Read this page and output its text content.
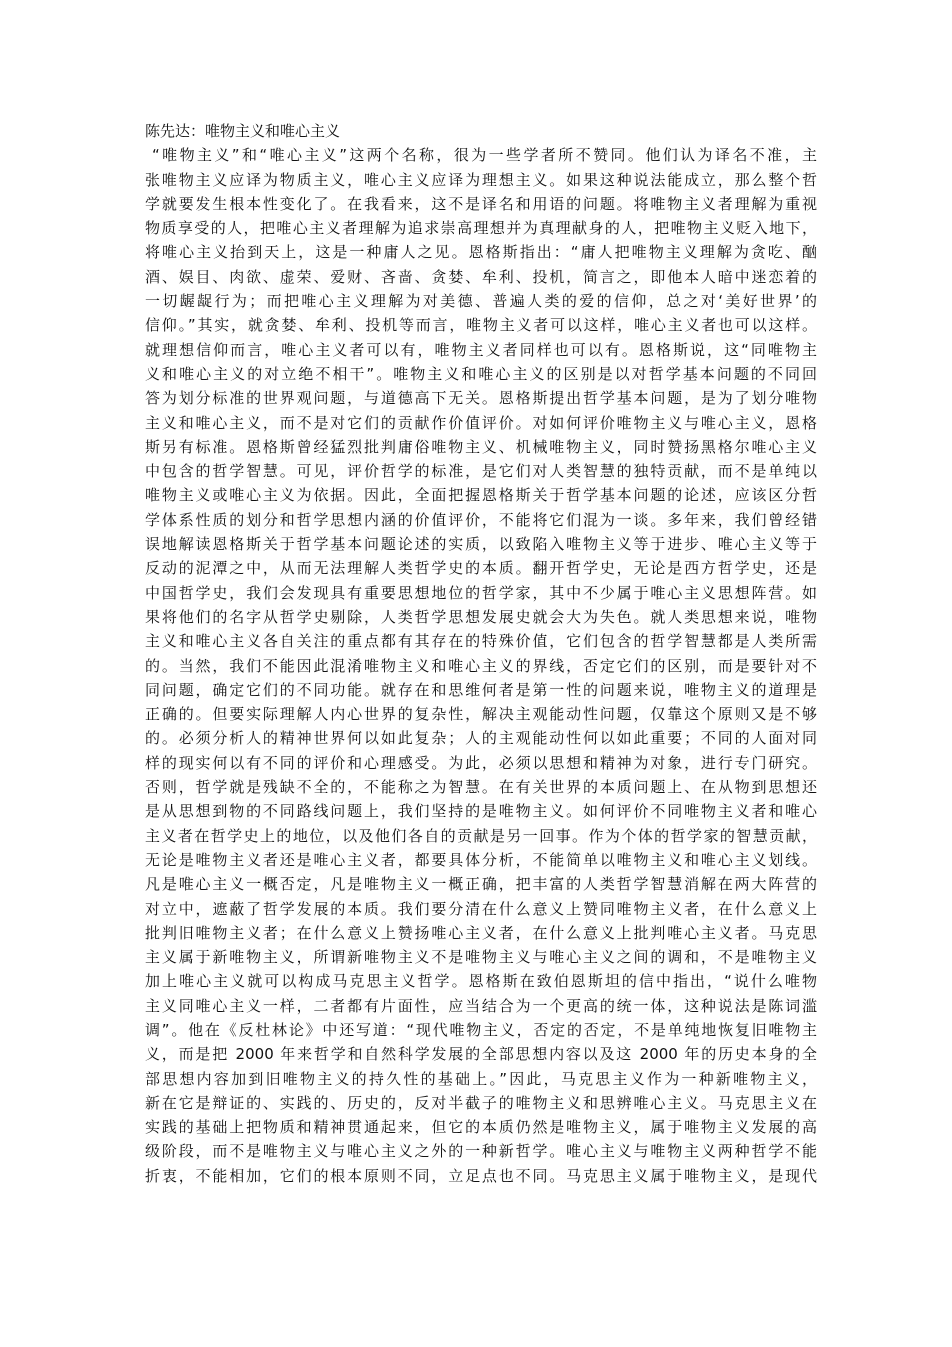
陈先达：唯物主义和唯心主义
“唯物主义”和“唯心主义”这两个名称，很为一些学者所不赞同。他们认为译名不准，主
张唯物主义应译为物质主义，唯心主义应译为理想主义。如果这种说法能成立，那么整个哲
学就要发生根本性变化了。在我看来，这不是译名和用语的问题。将唯物主义者理解为重视
物质享受的人，把唯心主义者理解为追求崇高理想并为真理献身的人，把唯物主义贬入地下，
将唯心主义抬到天上，这是一种庸人之见。恩格斯指出：“庸人把唯物主义理解为贪吃、酗
酒、娱目、肉欲、虚荣、爱财、吝啬、贪婪、牟利、投机，简言之，即他本人暗中迷恋着的
一切龌龊行为；而把唯心主义理解为对美德、普遍人类的爱的信仰，总之对‘美好世界’的
信仰。”其实，就贪婪、牟利、投机等而言，唯物主义者可以这样，唯心主义者也可以这样。
就理想信仰而言，唯心主义者可以有，唯物主义者同样也可以有。恩格斯说，这“同唯物主
义和唯心主义的对立绝不相干”。唯物主义和唯心主义的区别是以对哲学基本问题的不同回
答为划分标准的世界观问题，与道德高下无关。恩格斯提出哲学基本问题，是为了划分唯物
主义和唯心主义，而不是对它们的贡献作价值评价。对如何评价唯物主义与唯心主义，恩格
斯另有标准。恩格斯曾经猛烈批判庸俗唯物主义、机械唯物主义，同时赞扬黑格尔唯心主义
中包含的哲学智慧。可见，评价哲学的标准，是它们对人类智慧的独特贡献，而不是单纯以
唯物主义或唯心主义为依据。因此，全面把握恩格斯关于哲学基本问题的论述，应该区分哲
学体系性质的划分和哲学思想内涵的价值评价，不能将它们混为一谈。多年来，我们曾经错
误地解读恩格斯关于哲学基本问题论述的实质，以致陷入唯物主义等于进步、唯心主义等于
反动的泥潭之中，从而无法理解人类哲学史的本质。翻开哲学史，无论是西方哲学史，还是
中国哲学史，我们会发现具有重要思想地位的哲学家，其中不少属于唯心主义思想阵营。如
果将他们的名字从哲学史剔除，人类哲学思想发展史就会大为失色。就人类思想来说，唯物
主义和唯心主义各自关注的重点都有其存在的特殊价值，它们包含的哲学智慧都是人类所需
的。当然，我们不能因此混淆唯物主义和唯心主义的界线，否定它们的区别，而是要针对不
同问题，确定它们的不同功能。就存在和思维何者是第一性的问题来说，唯物主义的道理是
正确的。但要实际理解人内心世界的复杂性，解决主观能动性问题，仅靠这个原则又是不够
的。必须分析人的精神世界何以如此复杂；人的主观能动性何以如此重要；不同的人面对同
样的现实何以有不同的评价和心理感受。为此，必须以思想和精神为对象，进行专门研究。
否则，哲学就是残缺不全的，不能称之为智慧。在有关世界的本质问题上、在从物到思想还
是从思想到物的不同路线问题上，我们坚持的是唯物主义。如何评价不同唯物主义者和唯心
主义者在哲学史上的地位，以及他们各自的贡献是另一回事。作为个体的哲学家的智慧贡献，
无论是唯物主义者还是唯心主义者，都要具体分析，不能简单以唯物主义和唯心主义划线。
凡是唯心主义一概否定，凡是唯物主义一概正确，把丰富的人类哲学智慧消解在两大阵营的
对立中，遮蔽了哲学发展的本质。我们要分清在什么意义上赞同唯物主义者，在什么意义上
批判旧唯物主义者；在什么意义上赞扬唯心主义者，在什么意义上批判唯心主义者。马克思
主义属于新唯物主义，所谓新唯物主义不是唯物主义与唯心主义之间的调和，不是唯物主义
加上唯心主义就可以构成马克思主义哲学。恩格斯在致伯恩斯坦的信中指出，“说什么唯物
主义同唯心主义一样，二者都有片面性，应当结合为一个更高的统一体，这种说法是陈词滥
调”。他在《反杜林论》中还写道：“现代唯物主义，否定的否定，不是单纯地恢复旧唯物主
义，而是把 2000 年来哲学和自然科学发展的全部思想内容以及这 2000 年的历史本身的全
部思想内容加到旧唯物主义的持久性的基础上。”因此，马克思主义作为一种新唯物主义，
新在它是辩证的、实践的、历史的，反对半截子的唯物主义和思辨唯心主义。马克思主义在
实践的基础上把物质和精神贯通起来，但它的本质仍然是唯物主义，属于唯物主义发展的高
级阶段，而不是唯物主义与唯心主义之外的一种新哲学。唯心主义与唯物主义两种哲学不能
折衷，不能相加，它们的根本原则不同，立足点也不同。马克思主义属于唯物主义，是现代
